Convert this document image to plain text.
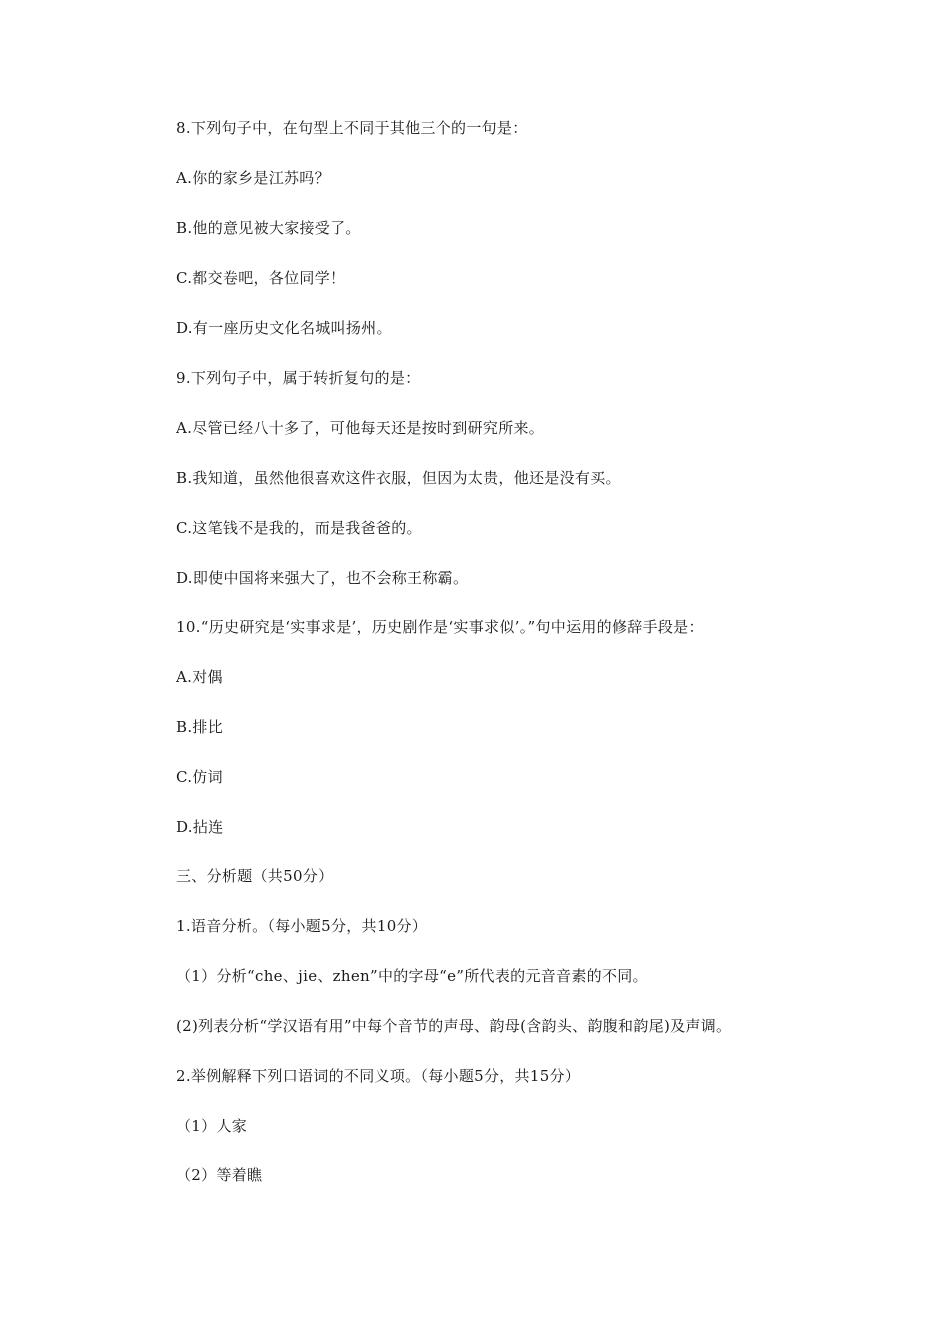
8.下列句子中，在句型上不同于其他三个的一句是：
A.你的家乡是江苏吗？
B.他的意见被大家接受了。
C.都交卷吧，各位同学！
D.有一座历史文化名城叫扬州。
9.下列句子中，属于转折复句的是：
A.尽管已经八十多了，可他每天还是按时到研究所来。
B.我知道，虽然他很喜欢这件衣服，但因为太贵，他还是没有买。
C.这笔钱不是我的，而是我爸爸的。
D.即使中国将来强大了，也不会称王称霸。
10.“历史研究是‘实事求是’，历史剧作是‘实事求似’。”句中运用的修辞手段是：
A.对偶
B.排比
C.仿词
D.拈连
三、分析题（共50分）
1.语音分析。（每小题5分，共10分）
（1）分析“che、jie、zhen”中的字母“e”所代表的元音音素的不同。
(2)列表分析“学汉语有用”中每个音节的声母、韵母(含韵头、韵腹和韵尾)及声调。
2.举例解释下列口语词的不同义项。（每小题5分，共15分）
（1）人家
（2）等着瞧
